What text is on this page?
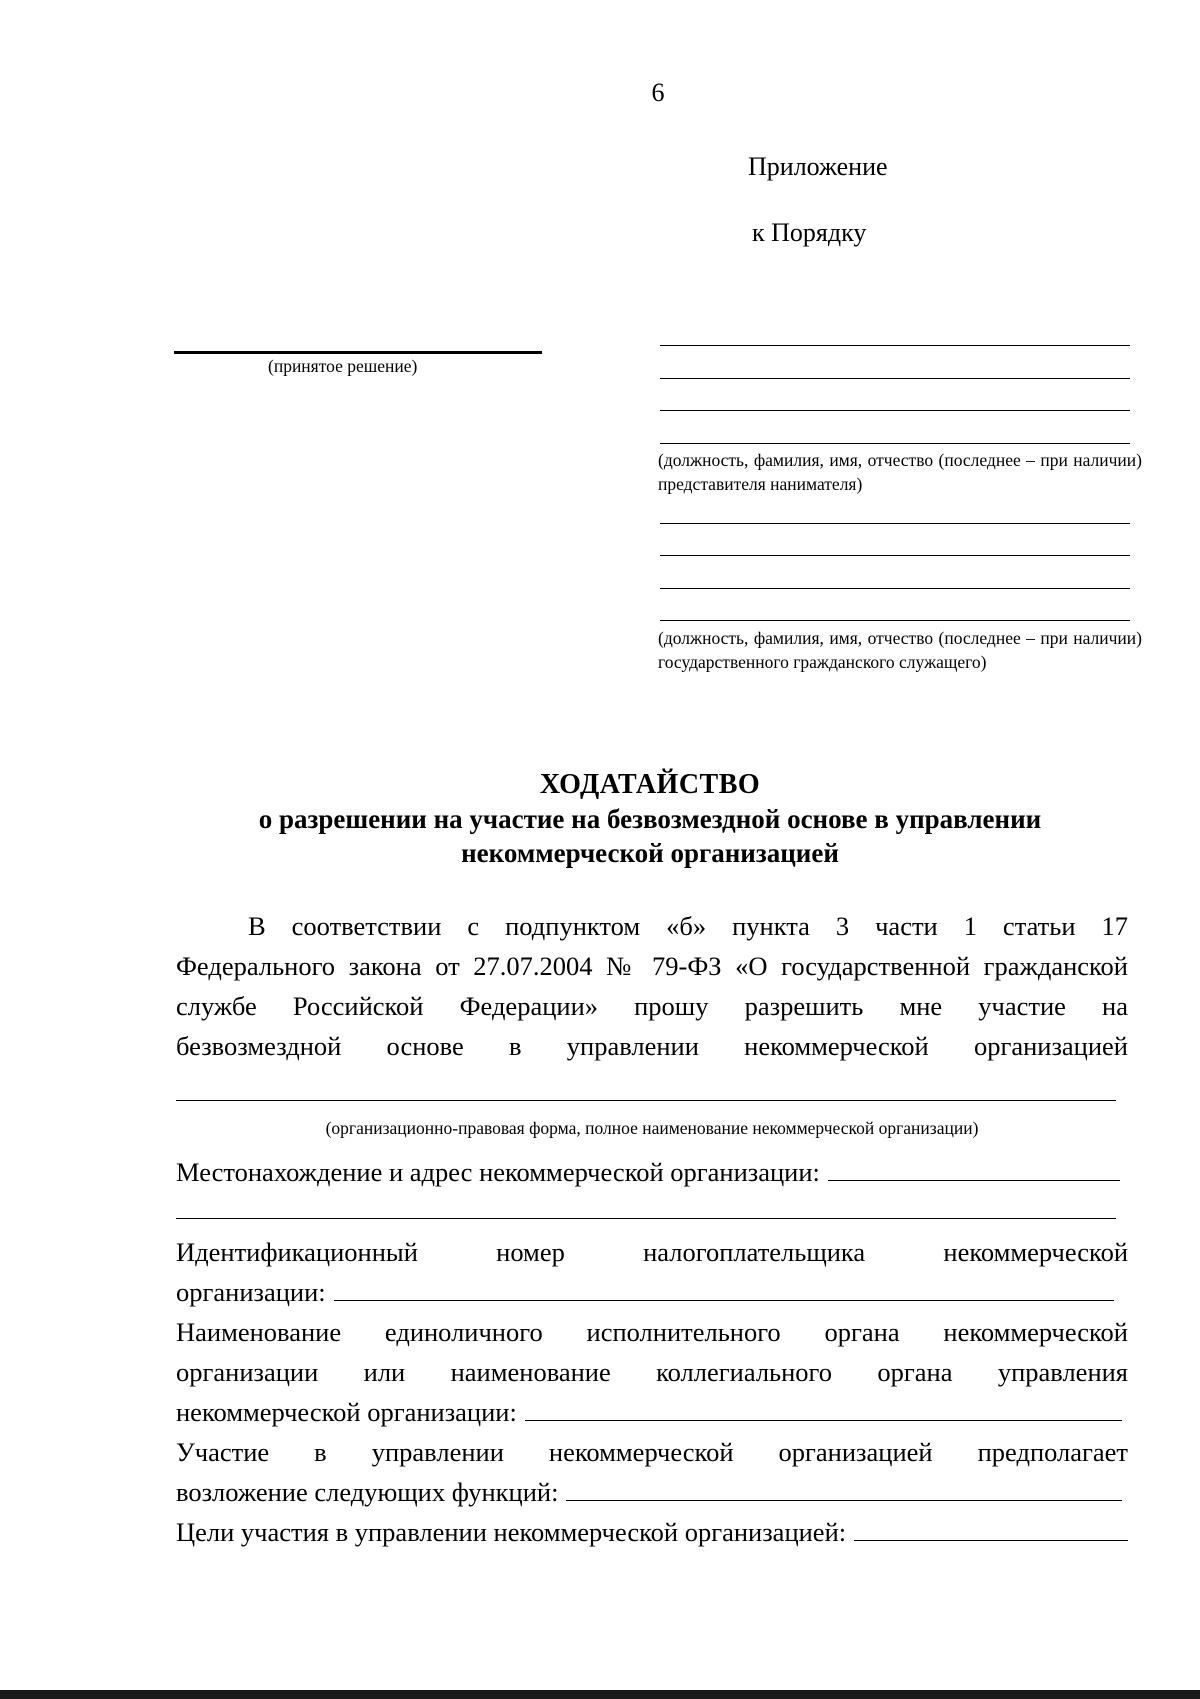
6
Приложение
к Порядку
(принятое решение)
(должность, фамилия, имя, отчество (последнее – при наличии) представителя нанимателя)
(должность, фамилия, имя, отчество (последнее – при наличии) государственного гражданского служащего)
ХОДАТАЙСТВО
о разрешении на участие на безвозмездной основе в управлении
некоммерческой организацией
В соответствии с подпунктом «б» пункта 3 части 1 статьи 17
Федерального закона от 27.07.2004 № 79-ФЗ «О государственной гражданской
службе Российской Федерации» прошу разрешить мне участие на
безвозмездной основе в управлении некоммерческой организацией
(организационно-правовая форма, полное наименование некоммерческой организации)
Местонахождение и адрес некоммерческой организации:
Идентификационный номер налогоплательщика некоммерческой
организации:
Наименование единоличного исполнительного органа некоммерческой
организации или наименование коллегиального органа управления
некоммерческой организации:
Участие в управлении некоммерческой организацией предполагает
возложение следующих функций:
Цели участия в управлении некоммерческой организацией:
